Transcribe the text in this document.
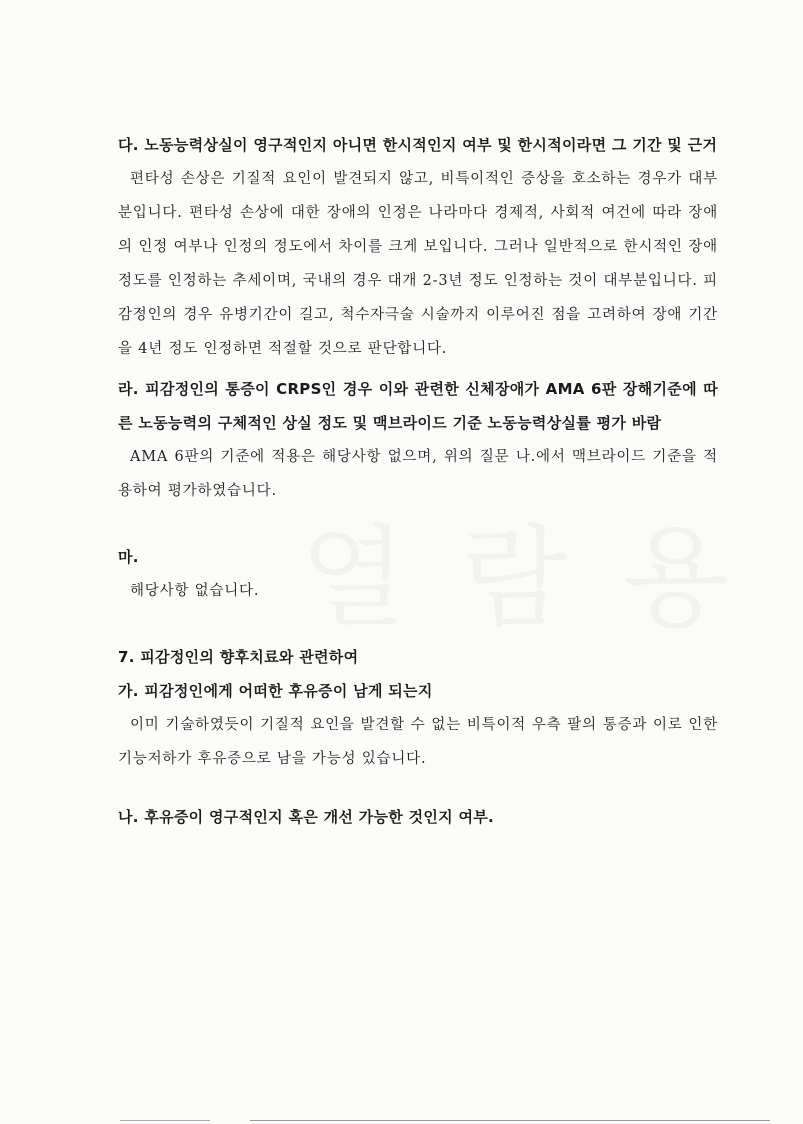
다. 노동능력상실이 영구적인지 아니면 한시적인지 여부 및 한시적이라면 그 기간 및 근거

편타성 손상은 기질적 요인이 발견되지 않고, 비특이적인 증상을 호소하는 경우가 대부분입니다. 편타성 손상에 대한 장애의 인정은 나라마다 경제적, 사회적 여건에 따라 장애의 인정 여부나 인정의 정도에서 차이를 크게 보입니다. 그러나 일반적으로 한시적인 장애 정도를 인정하는 추세이며, 국내의 경우 대개 2-3년 정도 인정하는 것이 대부분입니다. 피감정인의 경우 유병기간이 길고, 척수자극술 시술까지 이루어진 점을 고려하여 장애 기간을 4년 정도 인정하면 적절할 것으로 판단합니다.

라. 피감정인의 통증이 CRPS인 경우 이와 관련한 신체장애가 AMA 6판 장해기준에 따른 노동능력의 구체적인 상실 정도 및 맥브라이드 기준 노동능력상실률 평가 바람

AMA 6판의 기준에 적용은 해당사항 없으며, 위의 질문 나.에서 맥브라이드 기준을 적용하여 평가하였습니다.

마.

해당사항 없습니다.

7. 피감정인의 향후치료와 관련하여

가. 피감정인에게 어떠한 후유증이 남게 되는지

이미 기술하였듯이 기질적 요인을 발견할 수 없는 비특이적 우측 팔의 통증과 이로 인한 기능저하가 후유증으로 남을 가능성 있습니다.

나. 후유증이 영구적인지 혹은 개선 가능한 것인지 여부.
